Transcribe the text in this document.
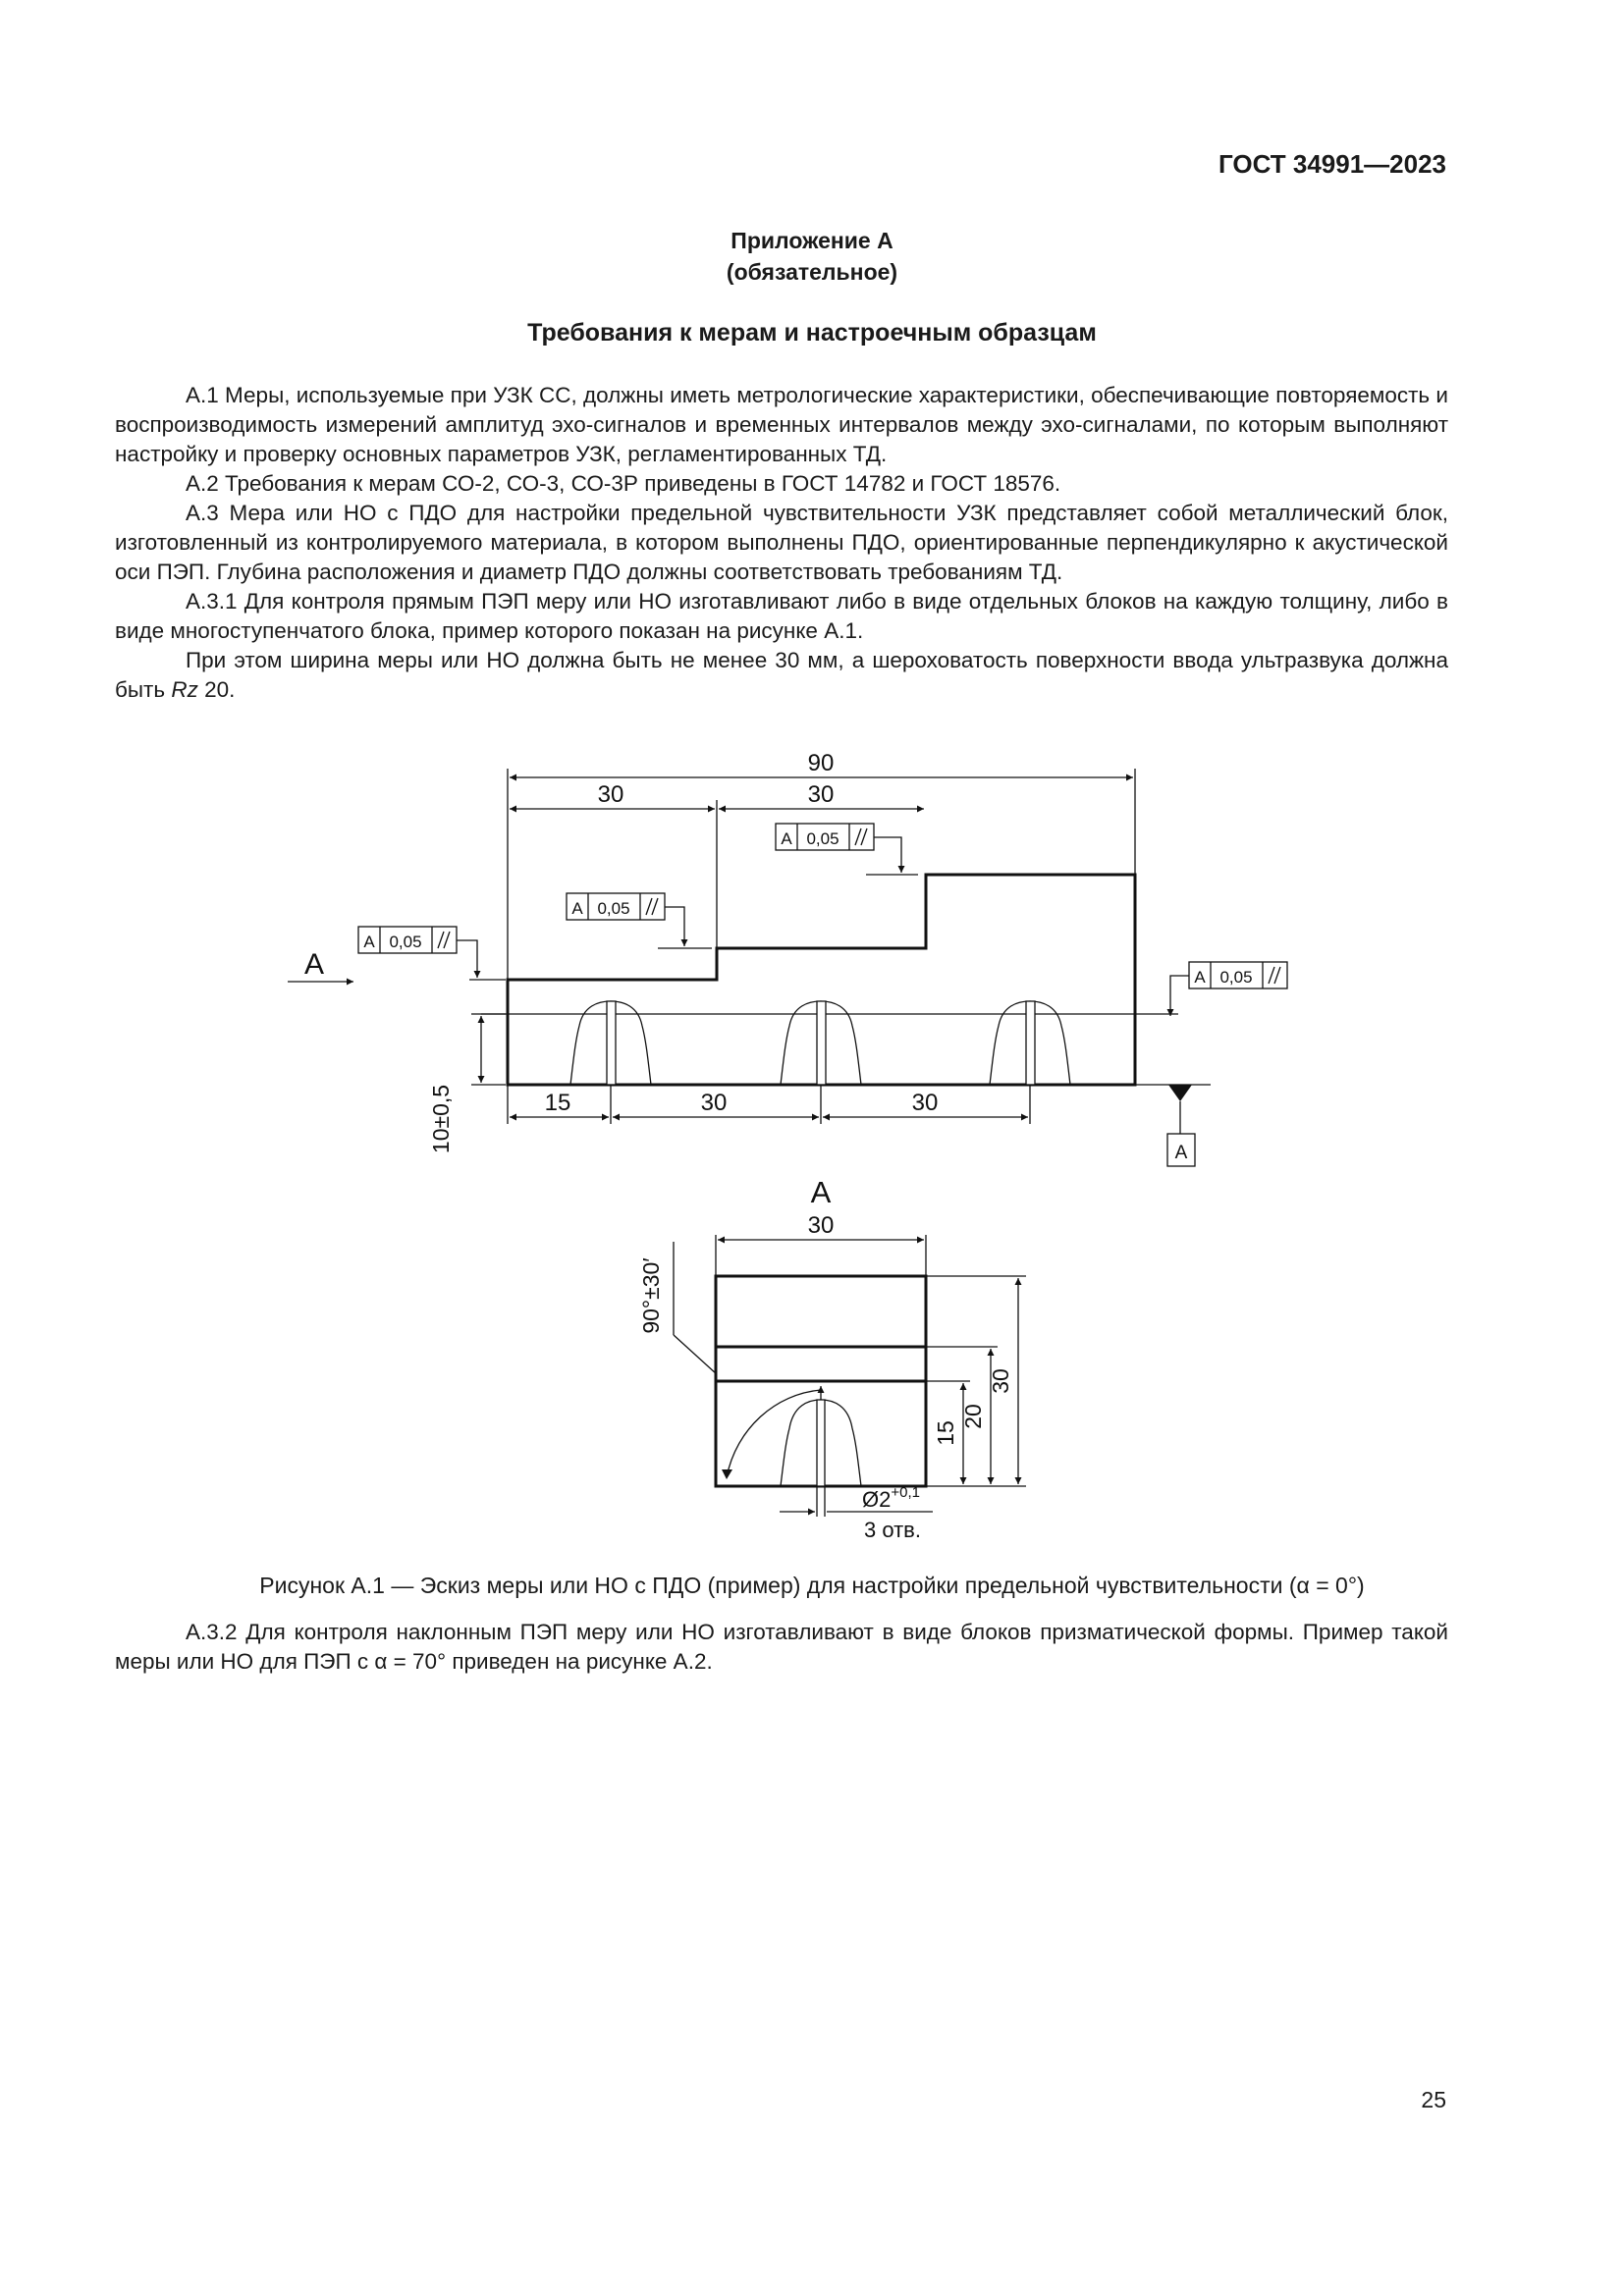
ГОСТ 34991—2023
Приложение А
(обязательное)
Требования к мерам и настроечным образцам

А.1 Меры, используемые при УЗК СС, должны иметь метрологические характеристики, обеспечивающие повторяемость и воспроизводимость измерений амплитуд эхо-сигналов и временных интервалов между эхо-сигналами, по которым выполняют настройку и проверку основных параметров УЗК, регламентированных ТД.

А.2 Требования к мерам СО-2, СО-3, СО-3Р приведены в ГОСТ 14782 и ГОСТ 18576.

А.3 Мера или НО с ПДО для настройки предельной чувствительности УЗК представляет собой металлический блок, изготовленный из контролируемого материала, в котором выполнены ПДО, ориентированные перпендикулярно к акустической оси ПЭП. Глубина расположения и диаметр ПДО должны соответствовать требованиям ТД.

А.3.1 Для контроля прямым ПЭП меру или НО изготавливают либо в виде отдельных блоков на каждую толщину, либо в виде многоступенчатого блока, пример которого показан на рисунке А.1.

При этом ширина меры или НО должна быть не менее 30 мм, а шероховатость поверхности ввода ультразвука должна быть Rz 20.

90
30	30
A 0,05
A 0,05
A 0,05
A 0,05
A
10±0,5	15	30	30
A
A
30
90°±30′
15
20
30
$Ø2^{+0,1}$
3 отв.
Рисунок А.1 — Эскиз меры или НО с ПДО (пример) для настройки предельной чувствительности (α = 0°)

А.3.2 Для контроля наклонным ПЭП меру или НО изготавливают в виде блоков призматической формы. Пример такой меры или НО для ПЭП с α = 70° приведен на рисунке А.2.

25
